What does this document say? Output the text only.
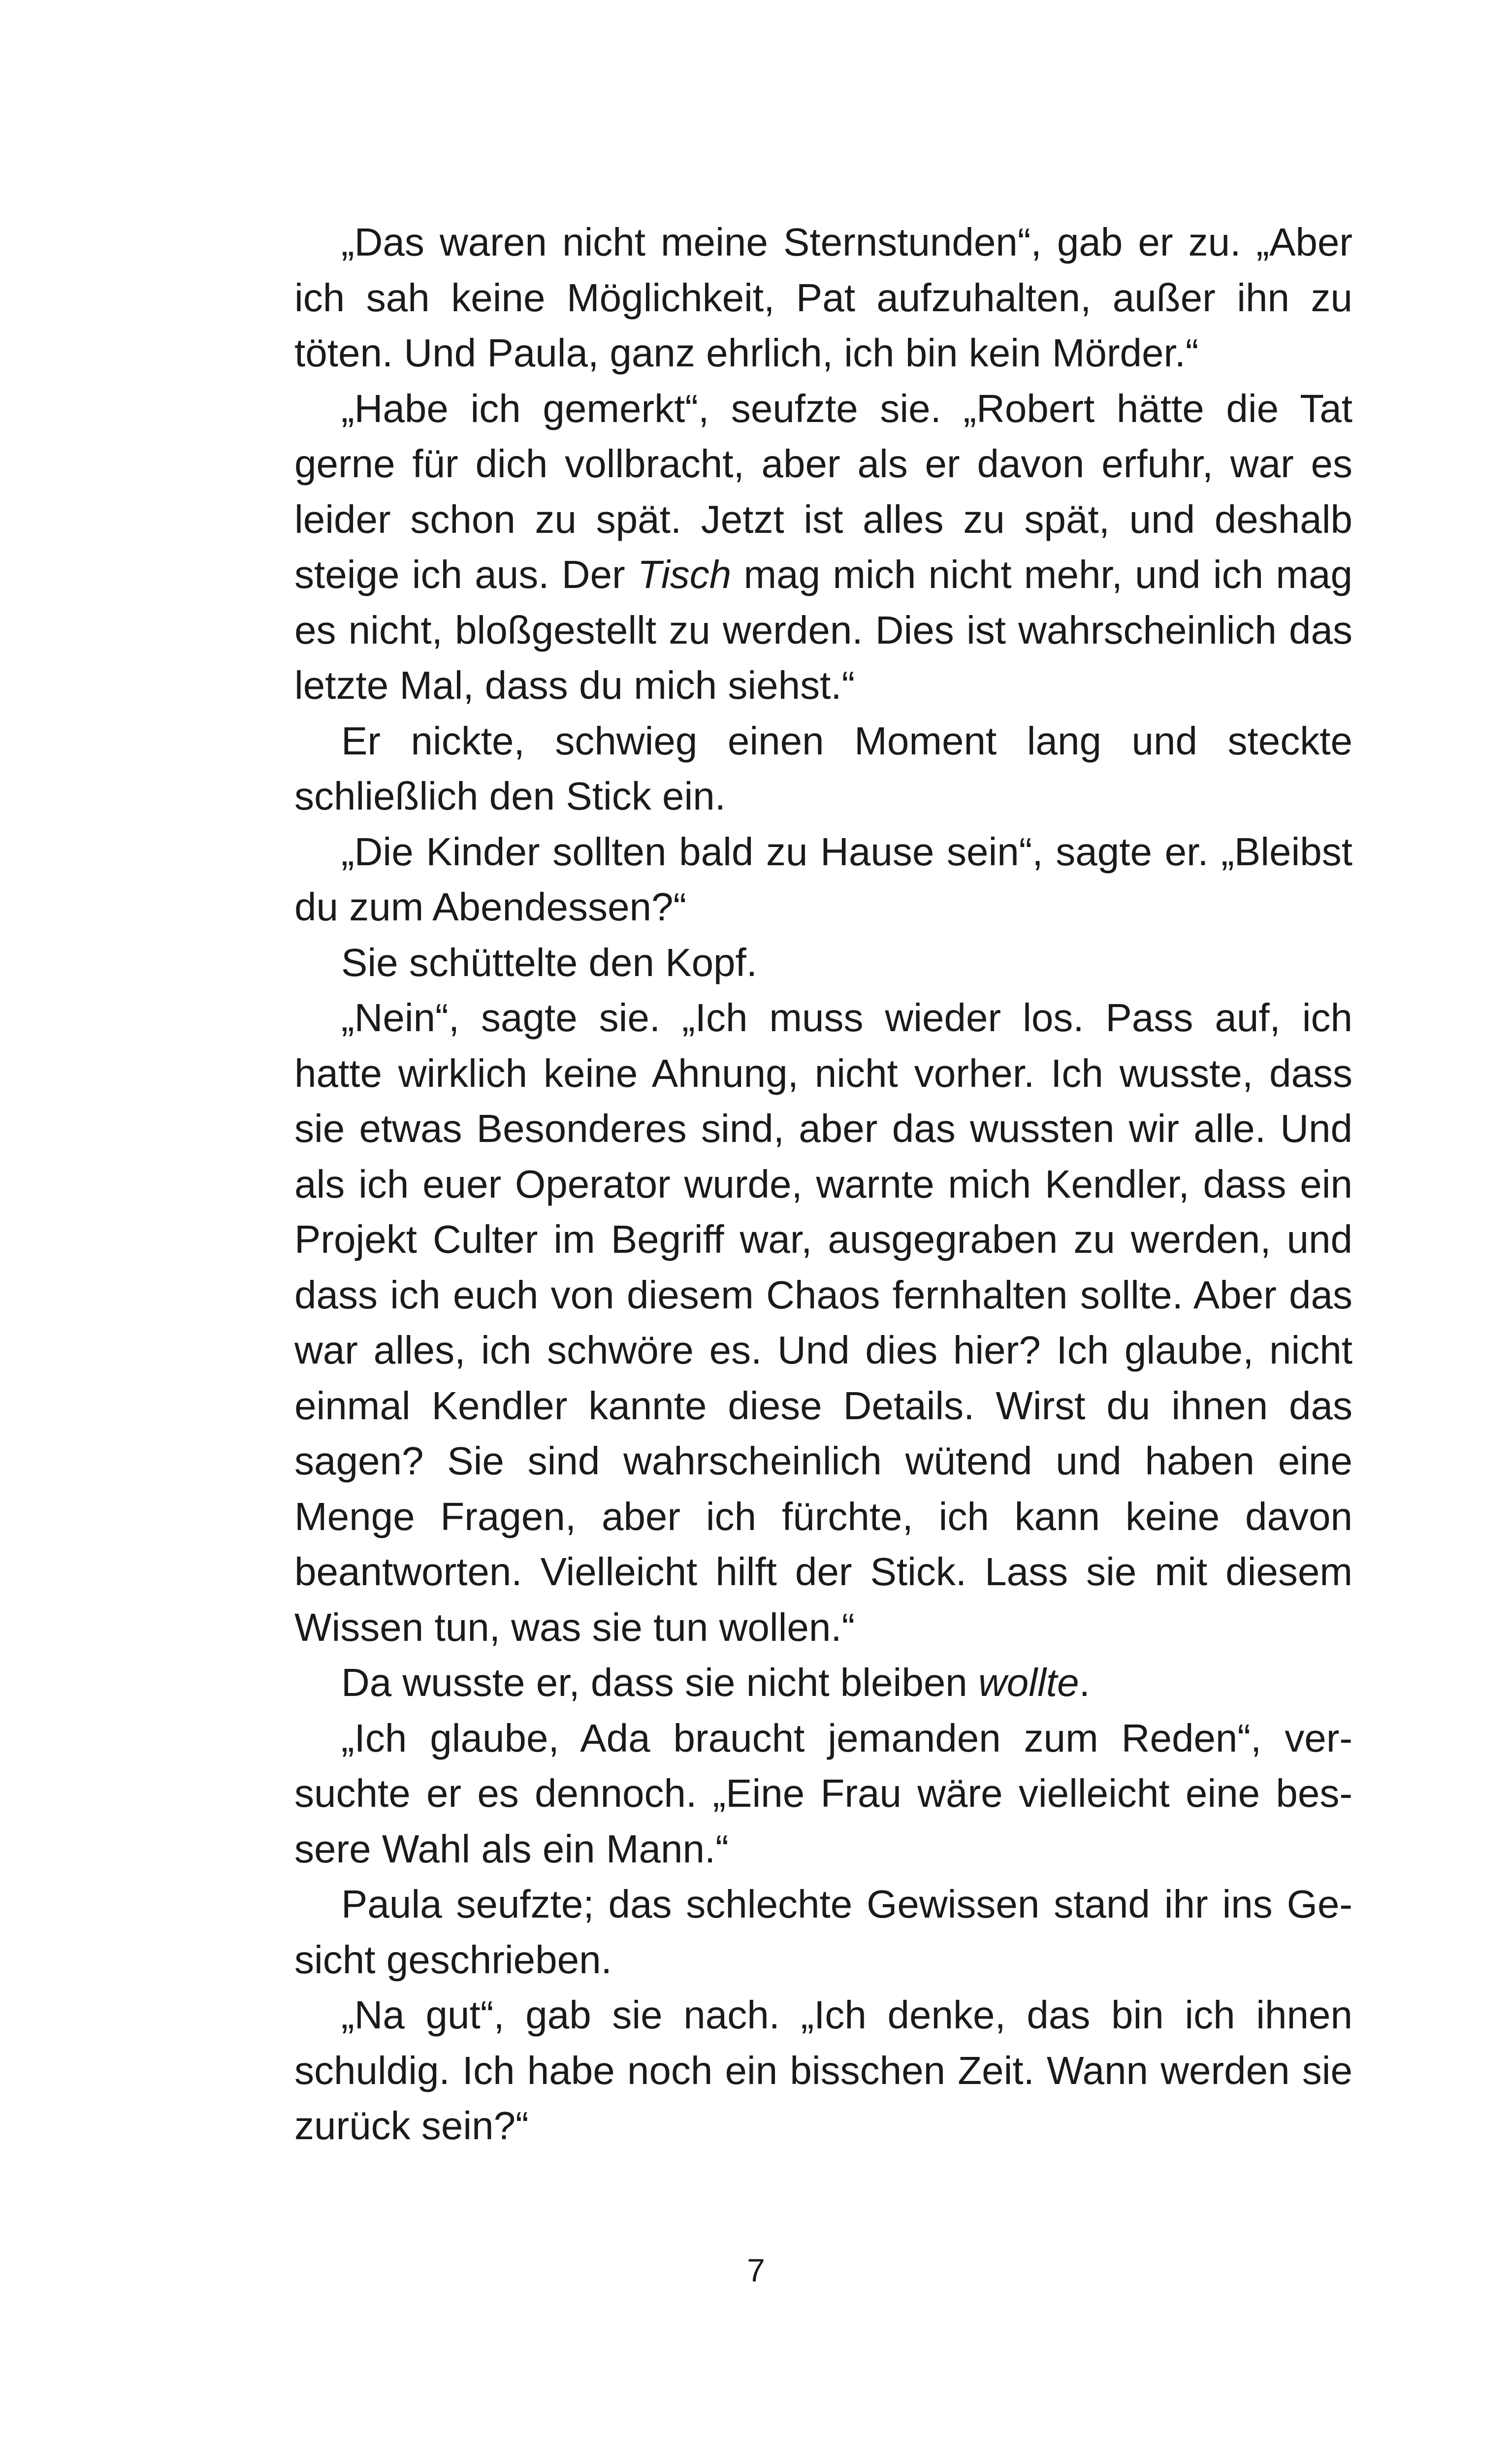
„Das waren nicht meine Sternstunden“, gab er zu. „Aber ich sah keine Möglichkeit, Pat aufzuhalten, außer ihn zu töten. Und Paula, ganz ehrlich, ich bin kein Mörder.“

„Habe ich gemerkt“, seufzte sie. „Robert hätte die Tat gerne für dich vollbracht, aber als er davon erfuhr, war es leider schon zu spät. Jetzt ist alles zu spät, und deshalb steige ich aus. Der Tisch mag mich nicht mehr, und ich mag es nicht, bloßgestellt zu werden. Dies ist wahrscheinlich das letzte Mal, dass du mich siehst.“

Er nickte, schwieg einen Moment lang und steckte schließlich den Stick ein.

„Die Kinder sollten bald zu Hause sein“, sagte er. „Bleibst du zum Abendessen?“

Sie schüttelte den Kopf.

„Nein“, sagte sie. „Ich muss wieder los. Pass auf, ich hatte wirklich keine Ahnung, nicht vorher. Ich wusste, dass sie etwas Besonderes sind, aber das wussten wir alle. Und als ich euer Operator wurde, warnte mich Kendler, dass ein Projekt Culter im Begriff war, ausgegraben zu werden, und dass ich euch von diesem Chaos fernhalten sollte. Aber das war alles, ich schwöre es. Und dies hier? Ich glaube, nicht einmal Kendler kannte diese Details. Wirst du ihnen das sagen? Sie sind wahrscheinlich wütend und haben eine Menge Fragen, aber ich fürchte, ich kann keine davon beantworten. Vielleicht hilft der Stick. Lass sie mit diesem Wissen tun, was sie tun wollen.“

Da wusste er, dass sie nicht bleiben wollte.

„Ich glaube, Ada braucht jemanden zum Reden“, versuchte er es dennoch. „Eine Frau wäre vielleicht eine bessere Wahl als ein Mann.“

Paula seufzte; das schlechte Gewissen stand ihr ins Gesicht geschrieben.

„Na gut“, gab sie nach. „Ich denke, das bin ich ihnen schuldig. Ich habe noch ein bisschen Zeit. Wann werden sie zurück sein?“

7
